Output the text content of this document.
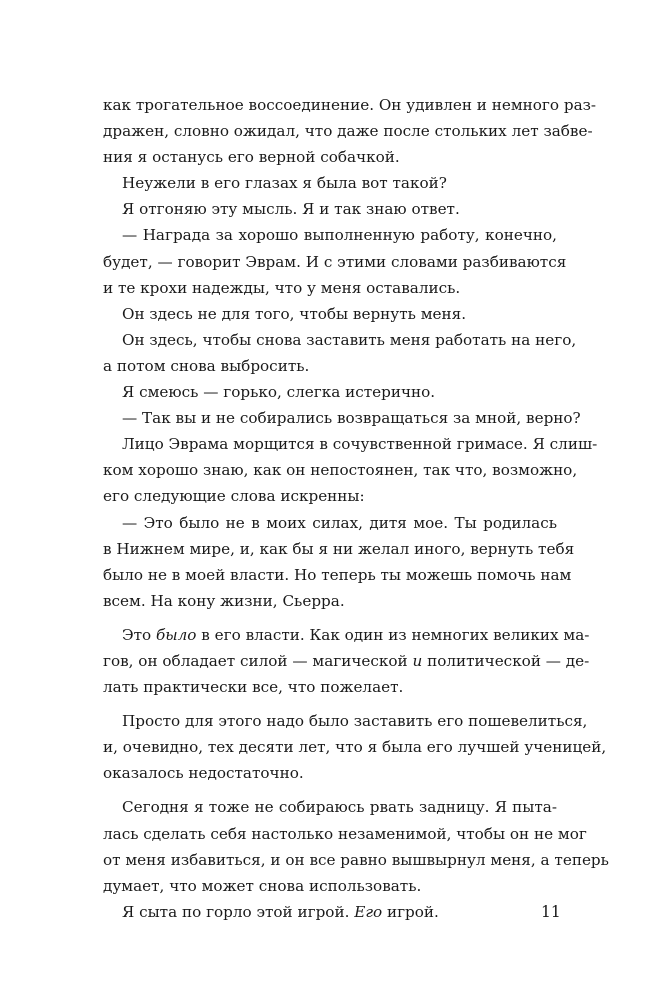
как трогательное воссоединение. Он удивлен и немного раз-
дражен, словно ожидал, что даже после стольких лет забве-
ния я останусь его верной собачкой.
Неужели в его глазах я была вот такой?
Я отгоняю эту мысль. Я и так знаю ответ.
— Награда за хорошо выполненную работу, конечно,
будет, — говорит Эврам. И с этими словами разбиваются
и те крохи надежды, что у меня оставались.
Он здесь не для того, чтобы вернуть меня.
Он здесь, чтобы снова заставить меня работать на него,
а потом снова выбросить.
Я смеюсь — горько, слегка истерично.
— Так вы и не собирались возвращаться за мной, верно?
Лицо Эврама морщится в сочувственной гримасе. Я слиш-
ком хорошо знаю, как он непостоянен, так что, возможно,
его следующие слова искренны:
— Это было не в моих силах, дитя мое. Ты родилась
в Нижнем мире, и, как бы я ни желал иного, вернуть тебя
было не в моей власти. Но теперь ты можешь помочь нам
всем. На кону жизни, Сьерра.
Это было в его власти. Как один из немногих великих ма-
гов, он обладает силой — магической и политической — де-
лать практически все, что пожелает.
Просто для этого надо было заставить его пошевелиться,
и, очевидно, тех десяти лет, что я была его лучшей ученицей,
оказалось недостаточно.
Сегодня я тоже не собираюсь рвать задницу. Я пыта-
лась сделать себя настолько незаменимой, чтобы он не мог
от меня избавиться, и он все равно вышвырнул меня, а теперь
думает, что может снова использовать.
Я сыта по горло этой игрой. Его игрой.	11
